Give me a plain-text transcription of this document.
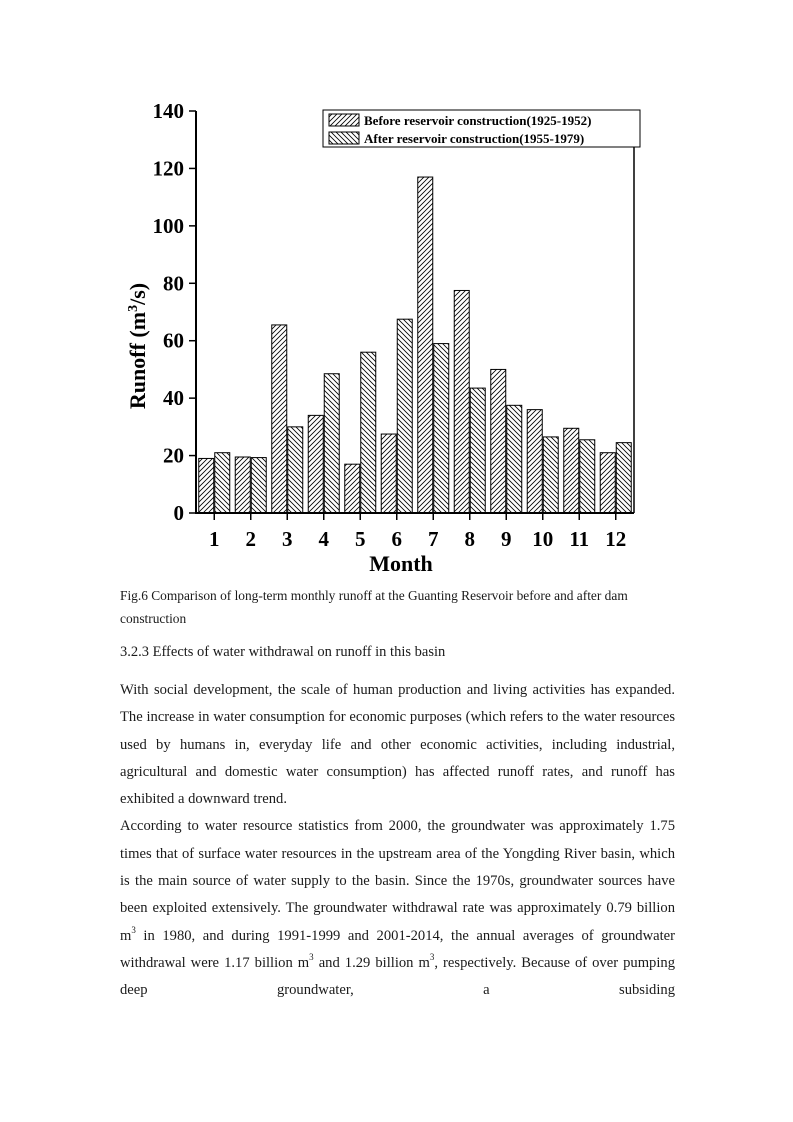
0
20
40
60
80
100
120
140
1 2 3 4 5 6 7 8 9 10 11 12
Runoff $(m^3/s)$
Month
Before reservoir construction(1925-1952)
After reservoir construction(1955-1979)
Fig.6 Comparison of long-term monthly runoff at the Guanting Reservoir before and after dam
construction
3.2.3 Effects of water withdrawal on runoff in this basin

With social development, the scale of human production and living activities has expanded. The increase in water consumption for economic purposes (which refers to the water resources used by humans in, everyday life and other economic activities, including industrial, agricultural and domestic water consumption) has affected runoff rates, and runoff has exhibited a downward trend.

According to water resource statistics from 2000, the groundwater was approximately 1.75 times that of surface water resources in the upstream area of the Yongding River basin, which is the main source of water supply to the basin. Since the 1970s, groundwater sources have been exploited extensively. The groundwater withdrawal rate was approximately 0.79 billion $m^3$ in 1980, and during 1991-1999 and 2001-2014, the annual averages of groundwater withdrawal were 1.17 billion $m^3$ and 1.29 billion $m^3$, respectively. Because of over pumping deep groundwater, a subsiding
